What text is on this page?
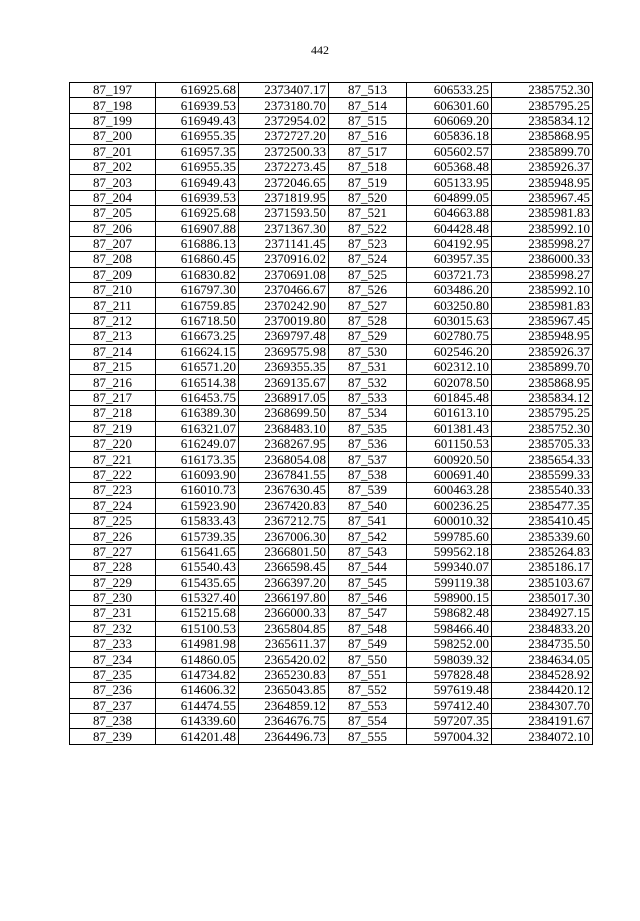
442
87_197	616925.68	2373407.17	87_513	606533.25	2385752.30
87_198	616939.53	2373180.70	87_514	606301.60	2385795.25
87_199	616949.43	2372954.02	87_515	606069.20	2385834.12
87_200	616955.35	2372727.20	87_516	605836.18	2385868.95
87_201	616957.35	2372500.33	87_517	605602.57	2385899.70
87_202	616955.35	2372273.45	87_518	605368.48	2385926.37
87_203	616949.43	2372046.65	87_519	605133.95	2385948.95
87_204	616939.53	2371819.95	87_520	604899.05	2385967.45
87_205	616925.68	2371593.50	87_521	604663.88	2385981.83
87_206	616907.88	2371367.30	87_522	604428.48	2385992.10
87_207	616886.13	2371141.45	87_523	604192.95	2385998.27
87_208	616860.45	2370916.02	87_524	603957.35	2386000.33
87_209	616830.82	2370691.08	87_525	603721.73	2385998.27
87_210	616797.30	2370466.67	87_526	603486.20	2385992.10
87_211	616759.85	2370242.90	87_527	603250.80	2385981.83
87_212	616718.50	2370019.80	87_528	603015.63	2385967.45
87_213	616673.25	2369797.48	87_529	602780.75	2385948.95
87_214	616624.15	2369575.98	87_530	602546.20	2385926.37
87_215	616571.20	2369355.35	87_531	602312.10	2385899.70
87_216	616514.38	2369135.67	87_532	602078.50	2385868.95
87_217	616453.75	2368917.05	87_533	601845.48	2385834.12
87_218	616389.30	2368699.50	87_534	601613.10	2385795.25
87_219	616321.07	2368483.10	87_535	601381.43	2385752.30
87_220	616249.07	2368267.95	87_536	601150.53	2385705.33
87_221	616173.35	2368054.08	87_537	600920.50	2385654.33
87_222	616093.90	2367841.55	87_538	600691.40	2385599.33
87_223	616010.73	2367630.45	87_539	600463.28	2385540.33
87_224	615923.90	2367420.83	87_540	600236.25	2385477.35
87_225	615833.43	2367212.75	87_541	600010.32	2385410.45
87_226	615739.35	2367006.30	87_542	599785.60	2385339.60
87_227	615641.65	2366801.50	87_543	599562.18	2385264.83
87_228	615540.43	2366598.45	87_544	599340.07	2385186.17
87_229	615435.65	2366397.20	87_545	599119.38	2385103.67
87_230	615327.40	2366197.80	87_546	598900.15	2385017.30
87_231	615215.68	2366000.33	87_547	598682.48	2384927.15
87_232	615100.53	2365804.85	87_548	598466.40	2384833.20
87_233	614981.98	2365611.37	87_549	598252.00	2384735.50
87_234	614860.05	2365420.02	87_550	598039.32	2384634.05
87_235	614734.82	2365230.83	87_551	597828.48	2384528.92
87_236	614606.32	2365043.85	87_552	597619.48	2384420.12
87_237	614474.55	2364859.12	87_553	597412.40	2384307.70
87_238	614339.60	2364676.75	87_554	597207.35	2384191.67
87_239	614201.48	2364496.73	87_555	597004.32	2384072.10
